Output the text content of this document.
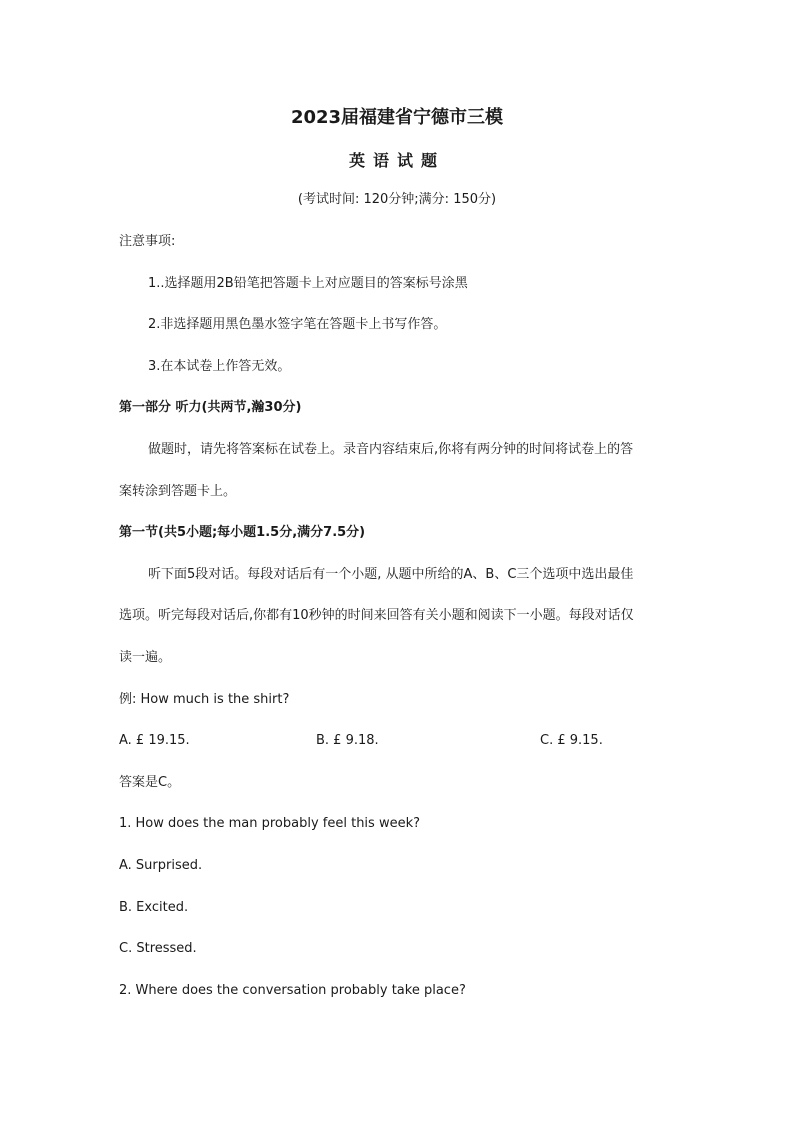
2023届福建省宁德市三模
英语试题
(考试时间: 120分钟;满分: 150分)
注意事项:
1..选择题用2B铅笔把答题卡上对应题目的答案标号涂黑
2.非选择题用黑色墨水签字笔在答题卡上书写作答。
3.在本试卷上作答无效。
第一部分 听力(共两节,瀚30分)
做题时，请先将答案标在试卷上。录音内容结束后,你将有两分钟的时间将试卷上的答
案转涂到答题卡上。
第一节(共5小题;每小题1.5分,满分7.5分)
听下面5段对话。每段对话后有一个小题, 从题中所给的A、B、C三个选项中选出最佳
选项。听完每段对话后,你都有10秒钟的时间来回答有关小题和阅读下一小题。每段对话仅
读一遍。
例: How much is the shirt?
A. £ 19.15.	B. £ 9.18.	C. £ 9.15.
答案是C。
1. How does the man probably feel this week?
A. Surprised.
B. Excited.
C. Stressed.
2. Where does the conversation probably take place?
